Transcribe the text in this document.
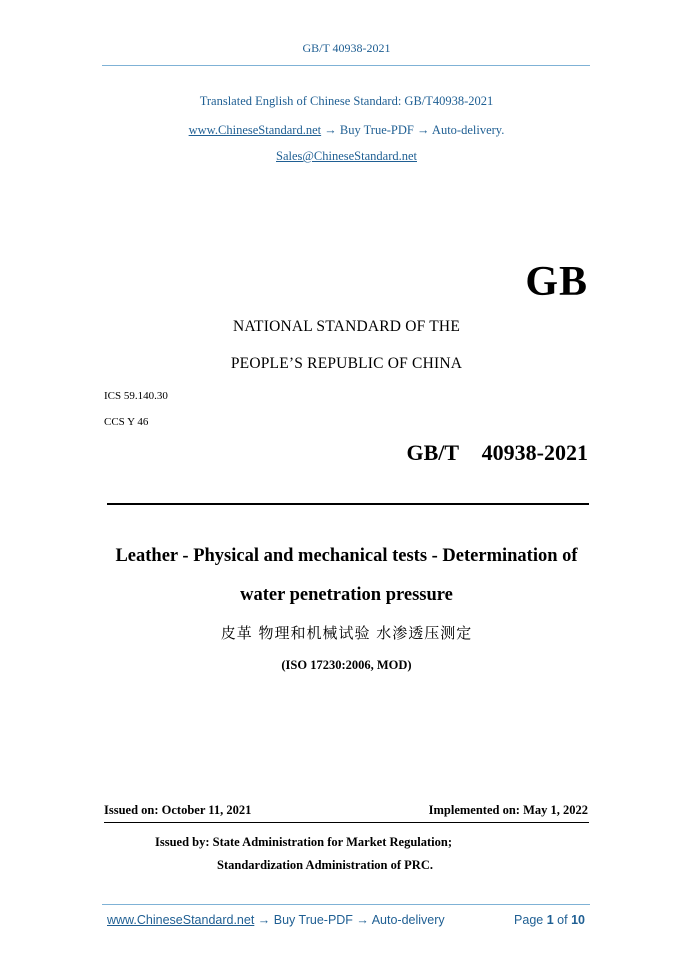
GB/T 40938-2021
Translated English of Chinese Standard: GB/T40938-2021
www.ChineseStandard.net → Buy True-PDF → Auto-delivery.
Sales@ChineseStandard.net
GB
NATIONAL STANDARD OF THE
PEOPLE’S REPUBLIC OF CHINA
ICS 59.140.30
CCS Y 46
GB/T  40938-2021
Leather - Physical and mechanical tests - Determination of
water penetration pressure
皮革 物理和机械试验 水渗透压测定
(ISO 17230:2006, MOD)
Issued on: October 11, 2021	Implemented on: May 1, 2022
Issued by: State Administration for Market Regulation;
Standardization Administration of PRC.
www.ChineseStandard.net → Buy True-PDF → Auto-delivery	Page 1 of 10
